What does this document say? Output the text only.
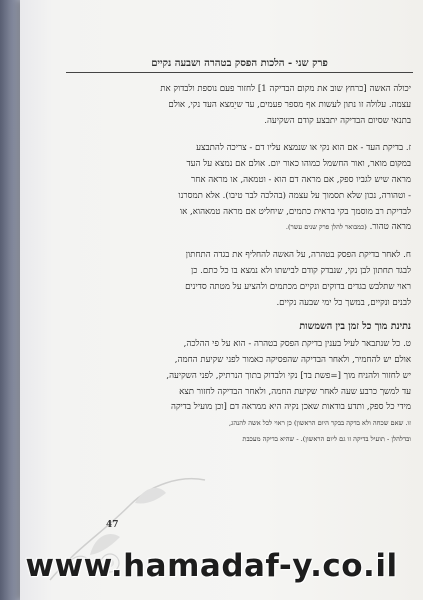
פרק שני - הלכות הפסק בטהרה ושבעה נקיים
יכולה האשה [כרחץ שוב את מקום הבדיקה 1] לחזור פעם נוספת ולבדוק את
עצמה. עלולה זו נתון לעשות אף מספר פעמים, עד שיֵמצא העד נקי, אולם
בתנאי שסיום הבדיקה יתבצע קודם השקיעה.
ז. בדיקת העד - אם הוא נקי או שנמצא עליו דם - צריכה להתבצע
במקום מואר, ואור החשמל כמוהו כאור יום. אולם אם נמצא על העד
מראה שיש לגביו ספק, אם מראה דם הוא - וטמאה, או מראה אחר
- וטהורה, נכון שלא תסמוך על עצמה (בהלכה לבר טיבו). אלא תמסרנו
לבדיקת רב מוסמך בקי בראית כתמים, שיחליט אם מראה טמאהוא, או
מראה טהור. (כמבואר להלן פרק שנים עשר).
ח. לאחר בדיקת הפסק בטהרה, על האשה להחליף את בגדה התחתון
לבגד תחתון לבן נקי, שנבדק קודם לבישתו ולא נמצא בו כל כתם. כן
ראוי שתלבש בגדים בדוקים ונקיים מכתמים ולהציע על מטתה סדינים
לבנים ונקיים, במשך כל ימי שבעה נקיים.
נתינת מוך כל זמן בין השמשות
ט. כל שנתבאר לעיל בענין בדיקת הפסק בטהרה - הוא על פי ההלכה,
אולם יש להחמיר, ולאחר הבדיקה שהפסיקה כאמור לפני שקיעת החמה,
יש לחזור ולהניח מוך [=פשת בד] נקי ולבדוק בתוך הנרתיק, לפני השקיעה,
עד למשך כרבע שעה לאחר שקיעת החמה, ולאחר הבדיקה לחזור תצא
מידי כל ספק, ותדע בודאות שאכן נקיה היא ממראה דם [וכן מועיל בדיקה
זו. שאם שכחה ולא בדקה בבקר היום הראשון) כן ראוי לכל אשה להנהג,
ובדלהלן - תועיל בדיקה זו גם ליום הראשון). - שהיא בדיקה מעכבת
47
www.hamadaf-y.co.il
